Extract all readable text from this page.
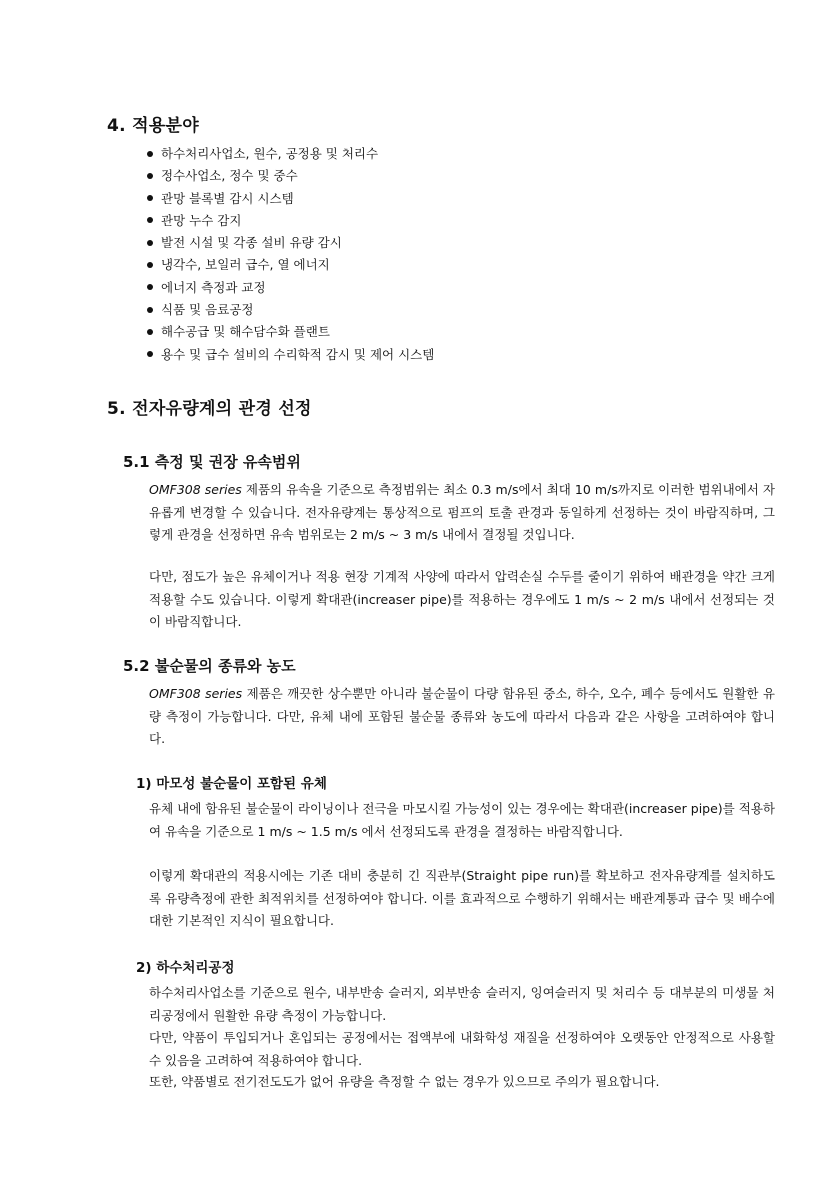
4. 적용분야
하수처리사업소, 원수, 공정용 및 처리수
정수사업소, 정수 및 중수
관망 블록별 감시 시스템
관망 누수 감지
발전 시설 및 각종 설비 유량 감시
냉각수, 보일러 급수, 열 에너지
에너지 측정과 교정
식품 및 음료공정
해수공급 및 해수담수화 플랜트
용수 및 급수 설비의 수리학적 감시 및 제어 시스템
5. 전자유량계의 관경 선정
5.1 측정 및 권장 유속범위

OMF308 series 제품의 유속을 기준으로 측정범위는 최소 0.3 m/s에서 최대 10 m/s까지로 이러한 범위내에서 자유롭게 변경할 수 있습니다. 전자유량계는 통상적으로 펌프의 토출 관경과 동일하게 선정하는 것이 바람직하며, 그렇게 관경을 선정하면 유속 범위로는 2 m/s ~ 3 m/s 내에서 결정될 것입니다.

다만, 점도가 높은 유체이거나 적용 현장 기계적 사양에 따라서 압력손실 수두를 줄이기 위하여 배관경을 약간 크게 적용할 수도 있습니다. 이렇게 확대관(increaser pipe)를 적용하는 경우에도 1 m/s ~ 2 m/s 내에서 선정되는 것이 바람직합니다.

5.2 불순물의 종류와 농도

OMF308 series 제품은 깨끗한 상수뿐만 아니라 불순물이 다량 함유된 중소, 하수, 오수, 폐수 등에서도 원활한 유량 측정이 가능합니다. 다만, 유체 내에 포함된 불순물 종류와 농도에 따라서 다음과 같은 사항을 고려하여야 합니다.

1) 마모성 불순물이 포함된 유체

유체 내에 함유된 불순물이 라이닝이나 전극을 마모시킬 가능성이 있는 경우에는 확대관(increaser pipe)를 적용하여 유속을 기준으로 1 m/s ~ 1.5 m/s 에서 선정되도록 관경을 결정하는 바람직합니다.

이렇게 확대관의 적용시에는 기존 대비 충분히 긴 직관부(Straight pipe run)를 확보하고 전자유량계를 설치하도록 유량측정에 관한 최적위치를 선정하여야 합니다. 이를 효과적으로 수행하기 위해서는 배관계통과 급수 및 배수에 대한 기본적인 지식이 필요합니다.

2) 하수처리공정

하수처리사업소를 기준으로 원수, 내부반송 슬러지, 외부반송 슬러지, 잉여슬러지 및 처리수 등 대부분의 미생물 처리공정에서 원활한 유량 측정이 가능합니다.

다만, 약품이 투입되거나 혼입되는 공정에서는 접액부에 내화학성 재질을 선정하여야 오랫동안 안정적으로 사용할 수 있음을 고려하여 적용하여야 합니다.

또한, 약품별로 전기전도도가 없어 유량을 측정할 수 없는 경우가 있으므로 주의가 필요합니다.
